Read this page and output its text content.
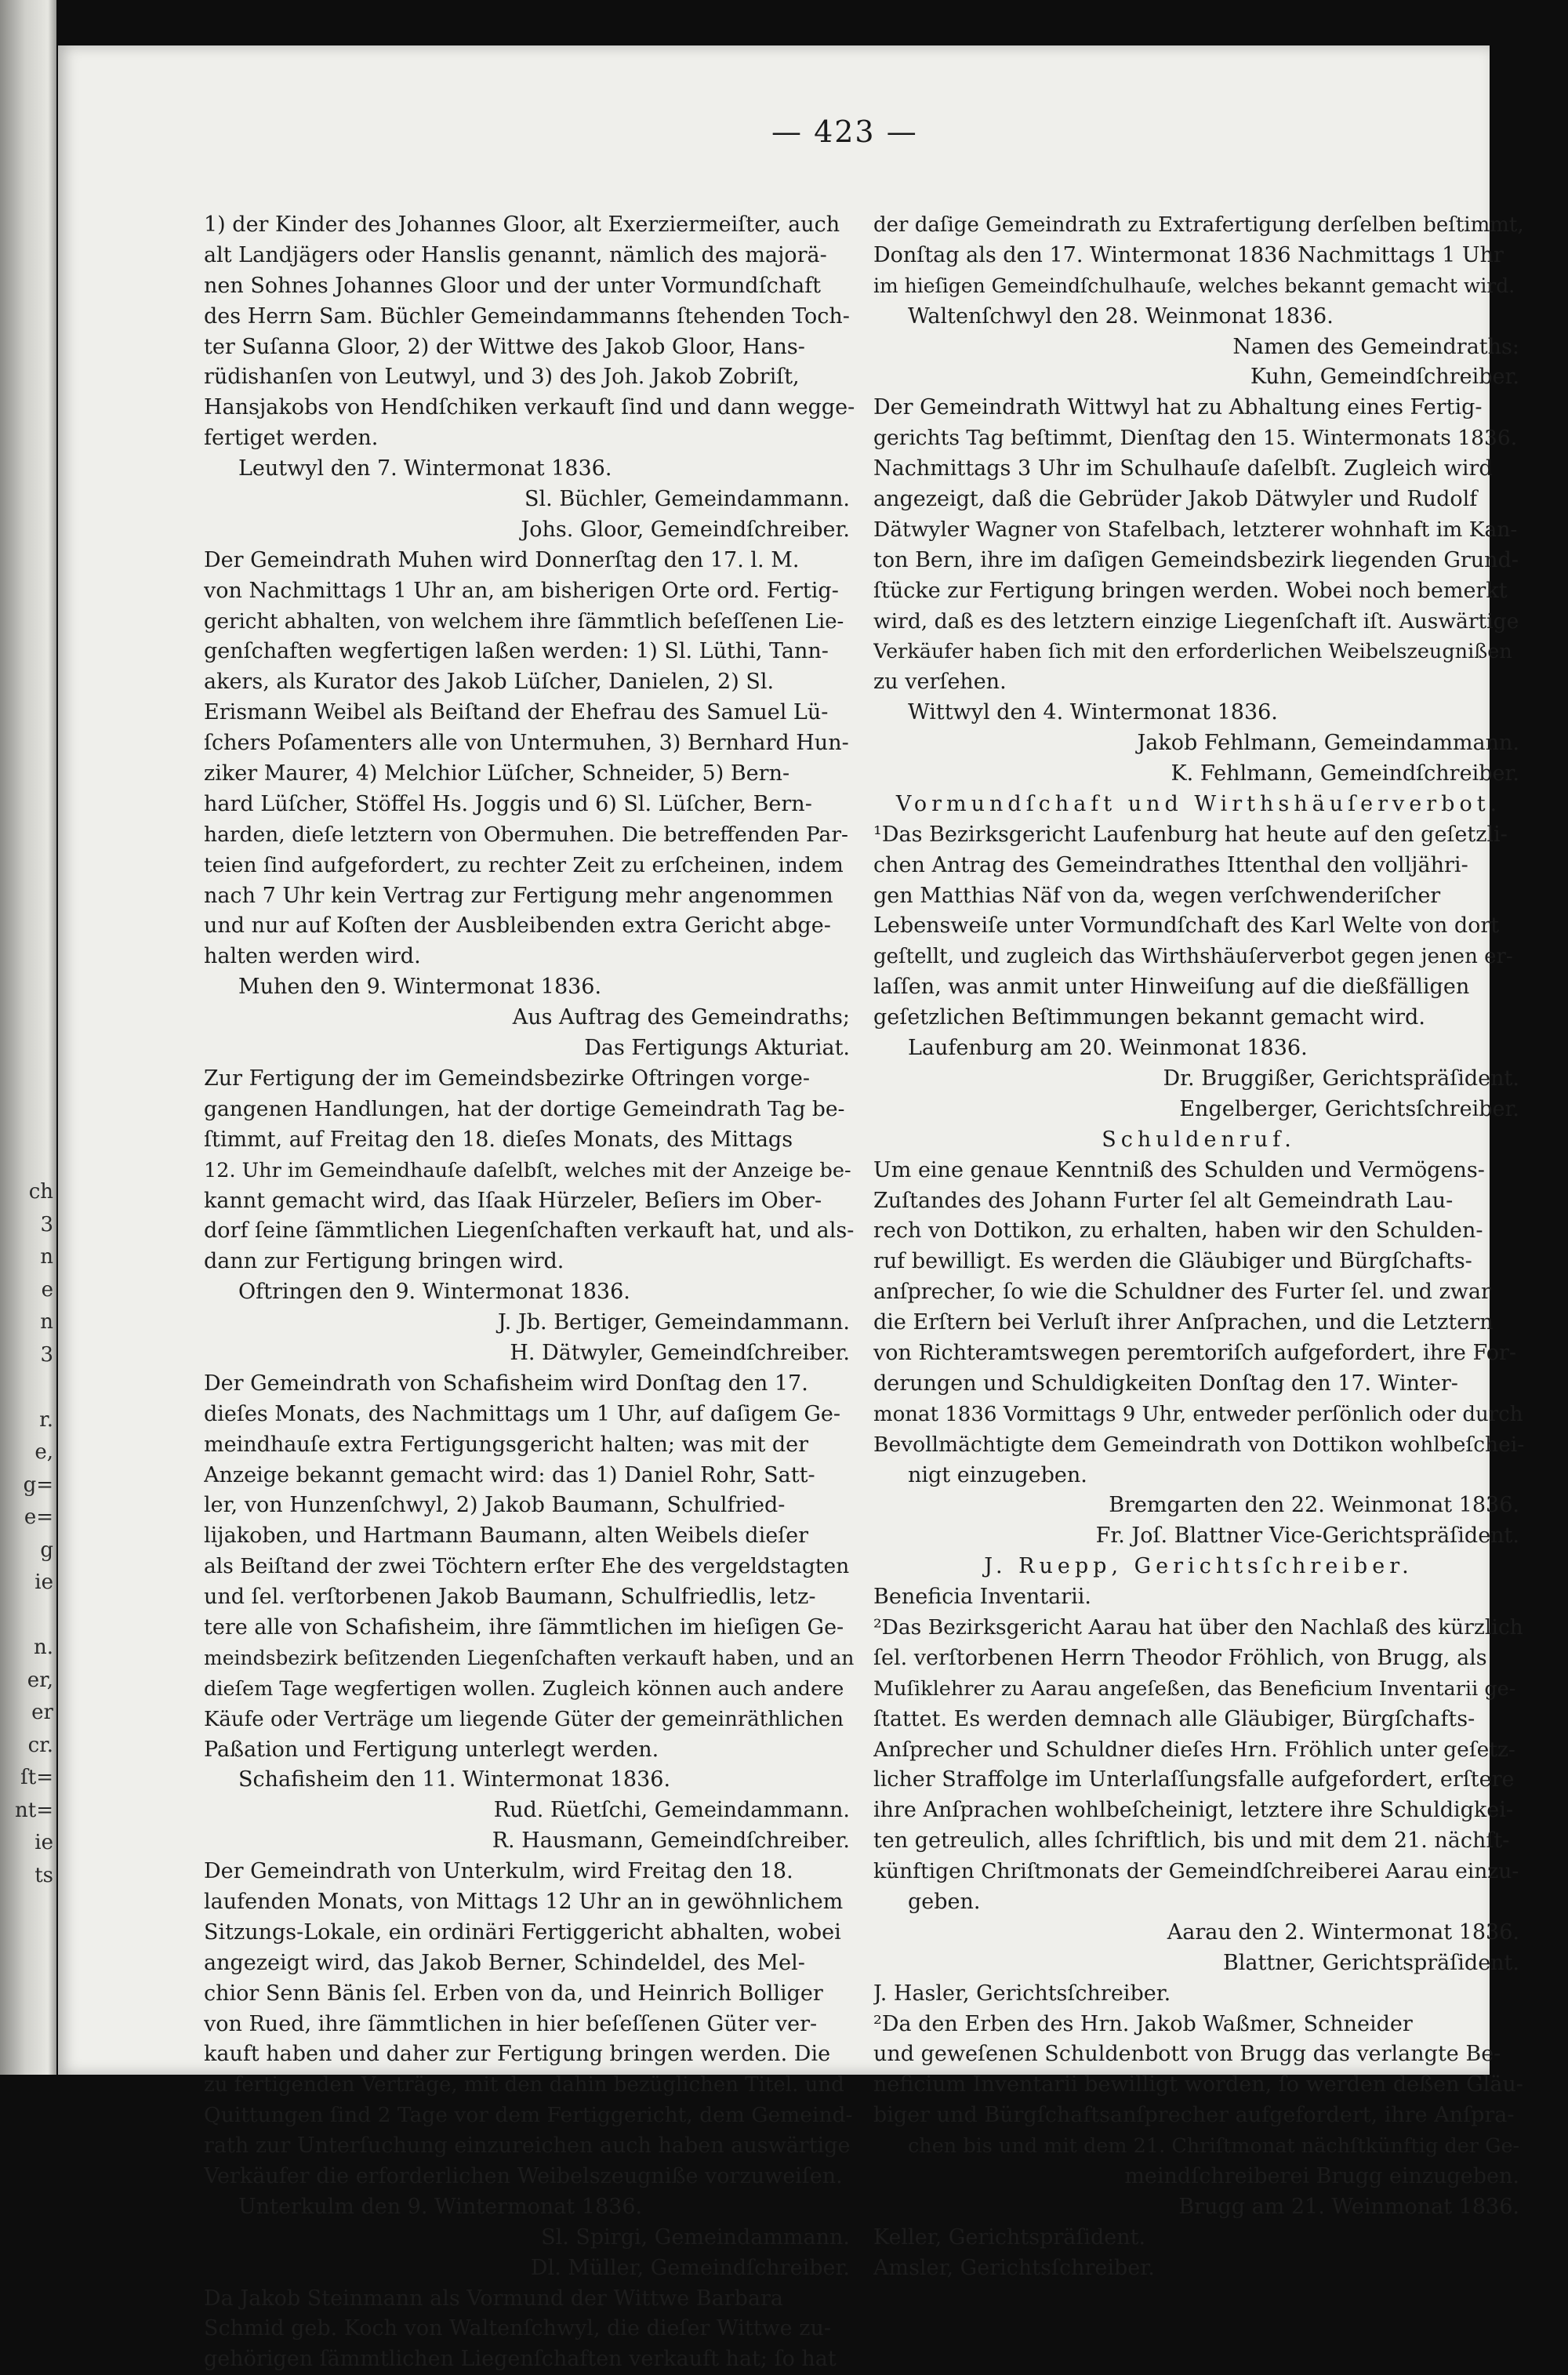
ch
3
n
e
n
3

r.
e,
g=
e=
g
ie

n.
er,
er
cr.
ſt=
nt=
ie
ts
— 423 —
1) der Kinder des Johannes Gloor, alt Exerziermeiſter, auch
alt Landjägers oder Hanslis genannt, nämlich des majorä-
nen Sohnes Johannes Gloor und der unter Vormundſchaft
des Herrn Sam. Büchler Gemeindammanns ſtehenden Toch-
ter Suſanna Gloor, 2) der Wittwe des Jakob Gloor, Hans-
rüdishanſen von Leutwyl, und 3) des Joh. Jakob Zobriſt,
Hansjakobs von Hendſchiken verkauft ſind und dann wegge-
fertiget werden.
Leutwyl den 7. Wintermonat 1836.
Sl. Büchler, Gemeindammann.
Johs. Gloor, Gemeindſchreiber.
Der Gemeindrath Muhen wird Donnerſtag den 17. l. M.
von Nachmittags 1 Uhr an, am bisherigen Orte ord. Fertig-
gericht abhalten, von welchem ihre ſämmtlich beſeſſenen Lie-
genſchaften wegfertigen laßen werden: 1) Sl. Lüthi, Tann-
akers, als Kurator des Jakob Lüſcher, Danielen, 2) Sl.
Erismann Weibel als Beiſtand der Ehefrau des Samuel Lü-
ſchers Poſamenters alle von Untermuhen, 3) Bernhard Hun-
ziker Maurer, 4) Melchior Lüſcher, Schneider, 5) Bern-
hard Lüſcher, Stöffel Hs. Joggis und 6) Sl. Lüſcher, Bern-
harden, dieſe letztern von Obermuhen. Die betreffenden Par-
teien ſind aufgefordert, zu rechter Zeit zu erſcheinen, indem
nach 7 Uhr kein Vertrag zur Fertigung mehr angenommen
und nur auf Koſten der Ausbleibenden extra Gericht abge-
halten werden wird.
Muhen den 9. Wintermonat 1836.
Aus Auftrag des Gemeindraths;
Das Fertigungs Akturiat.
Zur Fertigung der im Gemeindsbezirke Oftringen vorge-
gangenen Handlungen, hat der dortige Gemeindrath Tag be-
ſtimmt, auf Freitag den 18. dieſes Monats, des Mittags
12. Uhr im Gemeindhauſe daſelbſt, welches mit der Anzeige be-
kannt gemacht wird, das Iſaak Hürzeler, Beſiers im Ober-
dorf ſeine ſämmtlichen Liegenſchaften verkauft hat, und als-
dann zur Fertigung bringen wird.
Oftringen den 9. Wintermonat 1836.
J. Jb. Bertiger, Gemeindammann.
H. Dätwyler, Gemeindſchreiber.
Der Gemeindrath von Schafisheim wird Donſtag den 17.
dieſes Monats, des Nachmittags um 1 Uhr, auf daſigem Ge-
meindhauſe extra Fertigungsgericht halten; was mit der
Anzeige bekannt gemacht wird: das 1) Daniel Rohr, Satt-
ler, von Hunzenſchwyl, 2) Jakob Baumann, Schulfried-
lijakoben, und Hartmann Baumann, alten Weibels dieſer
als Beiſtand der zwei Töchtern erſter Ehe des vergeldstagten
und ſel. verſtorbenen Jakob Baumann, Schulfriedlis, letz-
tere alle von Schafisheim, ihre ſämmtlichen im hieſigen Ge-
meindsbezirk beſitzenden Liegenſchaften verkauft haben, und an
dieſem Tage wegfertigen wollen. Zugleich können auch andere
Käufe oder Verträge um liegende Güter der gemeinräthlichen
Paßation und Fertigung unterlegt werden.
Schafisheim den 11. Wintermonat 1836.
Rud. Rüetſchi, Gemeindammann.
R. Hausmann, Gemeindſchreiber.
Der Gemeindrath von Unterkulm, wird Freitag den 18.
laufenden Monats, von Mittags 12 Uhr an in gewöhnlichem
Sitzungs-Lokale, ein ordinäri Fertiggericht abhalten, wobei
angezeigt wird, das Jakob Berner, Schindeldel, des Mel-
chior Senn Bänis ſel. Erben von da, und Heinrich Bolliger
von Rued, ihre ſämmtlichen in hier beſeſſenen Güter ver-
kauft haben und daher zur Fertigung bringen werden. Die
zu fertigenden Verträge, mit den dahin bezüglichen Titel. und
Quittungen ſind 2 Tage vor dem Fertiggericht, dem Gemeind-
rath zur Unterſuchung einzureichen auch haben auswärtige
Verkäufer die erforderlichen Weibelszeugniße vorzuweiſen.
Unterkulm den 9. Wintermonat 1836.
Sl. Spirgi, Gemeindammann.
Dl. Müller, Gemeindſchreiber.
Da Jakob Steinmann als Vormund der Wittwe Barbara
Schmid geb. Koch von Waltenſchwyl, die dieſer Wittwe zu-
gehörigen ſämmtlichen Liegenſchaften verkauft hat; ſo hat
der daſige Gemeindrath zu Extrafertigung derſelben beſtimmt,
Donſtag als den 17. Wintermonat 1836 Nachmittags 1 Uhr
im hieſigen Gemeindſchulhauſe, welches bekannt gemacht wird.
Waltenſchwyl den 28. Weinmonat 1836.
Namen des Gemeindraths:
Kuhn, Gemeindſchreiber.
Der Gemeindrath Wittwyl hat zu Abhaltung eines Fertig-
gerichts Tag beſtimmt, Dienſtag den 15. Wintermonats 1836.
Nachmittags 3 Uhr im Schulhauſe daſelbſt. Zugleich wird
angezeigt, daß die Gebrüder Jakob Dätwyler und Rudolf
Dätwyler Wagner von Stafelbach, letzterer wohnhaft im Kan-
ton Bern, ihre im daſigen Gemeindsbezirk liegenden Grund-
ſtücke zur Fertigung bringen werden. Wobei noch bemerkt
wird, daß es des letztern einzige Liegenſchaft iſt. Auswärtige
Verkäufer haben ſich mit den erforderlichen Weibelszeugnißen
zu verſehen.
Wittwyl den 4. Wintermonat 1836.
Jakob Fehlmann, Gemeindammann.
K. Fehlmann, Gemeindſchreiber.
Vormundſchaft und Wirthshäuſerverbot.
¹Das Bezirksgericht Laufenburg hat heute auf den geſetzli-
chen Antrag des Gemeindrathes Ittenthal den volljähri-
gen Matthias Näf von da, wegen verſchwenderiſcher
Lebensweiſe unter Vormundſchaft des Karl Welte von dort
geſtellt, und zugleich das Wirthshäuſerverbot gegen jenen er-
laſſen, was anmit unter Hinweiſung auf die dießfälligen
geſetzlichen Beſtimmungen bekannt gemacht wird.
Laufenburg am 20. Weinmonat 1836.
Dr. Bruggißer, Gerichtspräſident.
Engelberger, Gerichtsſchreiber.
Schuldenruf.
Um eine genaue Kenntniß des Schulden und Vermögens-
Zuſtandes des Johann Furter ſel alt Gemeindrath Lau-
rech von Dottikon, zu erhalten, haben wir den Schulden-
ruf bewilligt. Es werden die Gläubiger und Bürgſchafts-
anſprecher, ſo wie die Schuldner des Furter ſel. und zwar
die Erſtern bei Verluſt ihrer Anſprachen, und die Letztern
von Richteramtswegen peremtoriſch aufgefordert, ihre For-
derungen und Schuldigkeiten Donſtag den 17. Winter-
monat 1836 Vormittags 9 Uhr, entweder perſönlich oder durch
Bevollmächtigte dem Gemeindrath von Dottikon wohlbeſchei-
nigt einzugeben.
Bremgarten den 22. Weinmonat 1836.
Fr. Joſ. Blattner Vice-Gerichtspräſident.
J. Ruepp, Gerichtsſchreiber.
Beneficia Inventarii.
²Das Bezirksgericht Aarau hat über den Nachlaß des kürzlich
ſel. verſtorbenen Herrn Theodor Fröhlich, von Brugg, als
Muſiklehrer zu Aarau angeſeßen, das Beneficium Inventarii ge-
ſtattet. Es werden demnach alle Gläubiger, Bürgſchafts-
Anſprecher und Schuldner dieſes Hrn. Fröhlich unter geſetz-
licher Straffolge im Unterlaſſungsfalle aufgefordert, erſtere
ihre Anſprachen wohlbeſcheinigt, letztere ihre Schuldigkei-
ten getreulich, alles ſchriftlich, bis und mit dem 21. nächſt-
künftigen Chriſtmonats der Gemeindſchreiberei Aarau einzu-
geben.
Aarau den 2. Wintermonat 1836.
Blattner, Gerichtspräſident.
J. Hasler, Gerichtsſchreiber.
²Da den Erben des Hrn. Jakob Waßmer, Schneider
und geweſenen Schuldenbott von Brugg das verlangte Be-
neficium Inventarii bewilligt worden, ſo werden deßen Gläu-
biger und Bürgſchaftsanſprecher aufgefordert, ihre Anſpra-
chen bis und mit dem 21. Chriſtmonat nächſtkünftig der Ge-
meindſchreiberei Brugg einzugeben.
Brugg am 21. Weinmonat 1836.
Keller, Gerichtspräſident.
Amsler, Gerichtsſchreiber.
